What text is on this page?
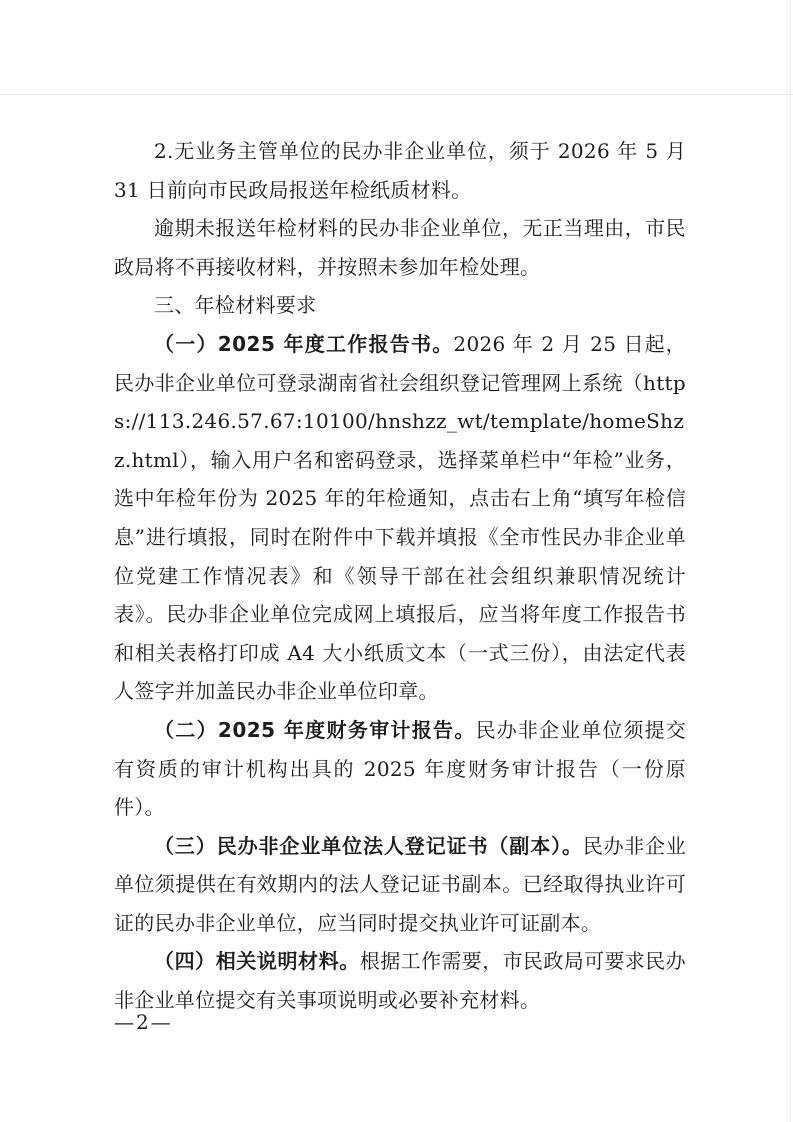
2.无业务主管单位的民办非企业单位，须于 2026 年 5 月 31 日前向市民政局报送年检纸质材料。

逾期未报送年检材料的民办非企业单位，无正当理由，市民政局将不再接收材料，并按照未参加年检处理。

三、年检材料要求

（一）2025 年度工作报告书。2026 年 2 月 25 日起，民办非企业单位可登录湖南省社会组织登记管理网上系统（https://113.246.57.67:10100/hnshzz_wt/template/homeShzz.html），输入用户名和密码登录，选择菜单栏中“年检”业务，选中年检年份为 2025 年的年检通知，点击右上角“填写年检信息”进行填报，同时在附件中下载并填报《全市性民办非企业单位党建工作情况表》和《领导干部在社会组织兼职情况统计表》。民办非企业单位完成网上填报后，应当将年度工作报告书和相关表格打印成 A4 大小纸质文本（一式三份），由法定代表人签字并加盖民办非企业单位印章。

（二）2025 年度财务审计报告。民办非企业单位须提交有资质的审计机构出具的 2025 年度财务审计报告（一份原件）。

（三）民办非企业单位法人登记证书（副本）。民办非企业单位须提供在有效期内的法人登记证书副本。已经取得执业许可证的民办非企业单位，应当同时提交执业许可证副本。

（四）相关说明材料。根据工作需要，市民政局可要求民办非企业单位提交有关事项说明或必要补充材料。

—2—
